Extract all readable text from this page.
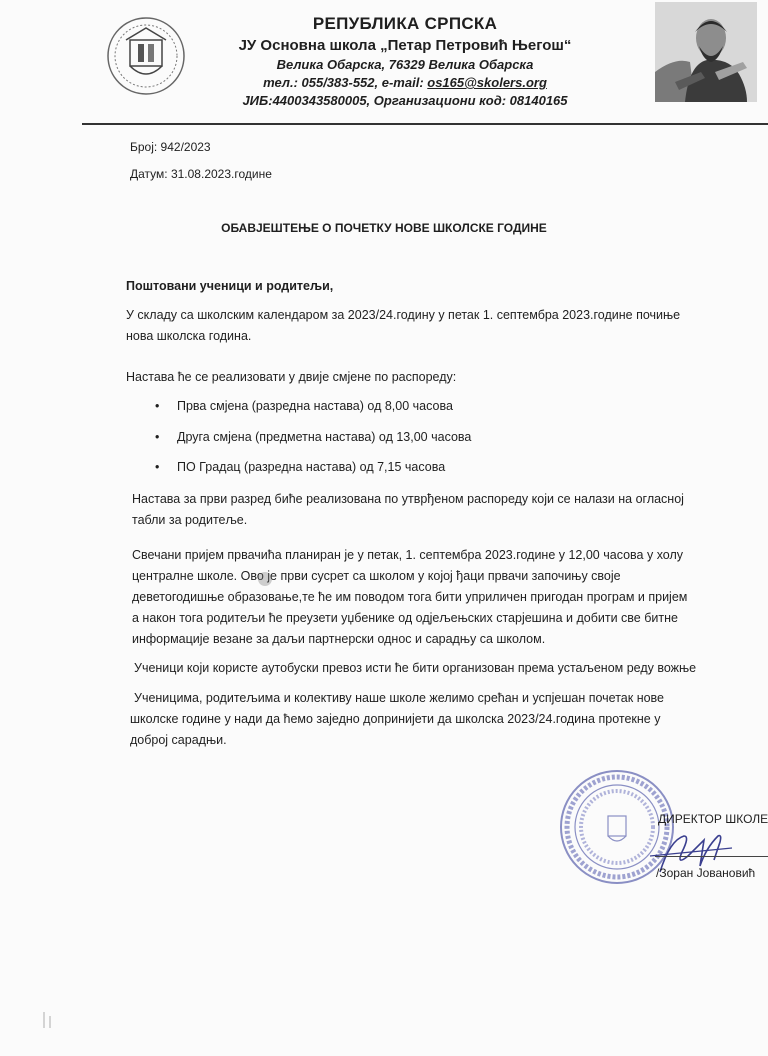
РЕПУБЛИКА СРПСКА
ЈУ Основна школа „Петар Петровић Његош“
Велика Обарска, 76329 Велика Обарска
тел.: 055/383-552, e-mail: os165@skolers.org
ЈИБ:4400343580005, Организациони код: 08140165
Број: 942/2023
Датум: 31.08.2023.године
ОБАВЈЕШТЕЊЕ О ПОЧЕТКУ НОВЕ ШКОЛСКЕ ГОДИНЕ
Поштовани ученици и родитељи,
У складу са школским календаром за 2023/24.годину у петак 1. септембра 2023.године почиње
нова школска година.
Настава ће се реализовати у двије смјене по распореду:
• Прва смјена (разредна настава) од 8,00 часова
• Друга смјена (предметна настава) од 13,00 часова
• ПО Градац (разредна настава) од 7,15 часова
Настава за први разред биће реализована по утврђеном распореду који се налази на огласној
табли за родитеље.
Свечани пријем првачића планиран је у петак, 1. септембра 2023.године у 12,00 часова у холу
централне школе. Ово је први сусрет са школом у којој ђаци првачи започињу своје
деветогодишње образовање,те ће им поводом тога бити уприличен пригодан програм и пријем
а након тога родитељи ће преузети уџбенике од одјељењских старјешина и добити све битне
информације везане за даљи партнерски однос и сарадњу са школом.
Ученици који користе аутобуски превоз исти ће бити организован према устаљеном реду вожње
Ученицима, родитељима и колективу наше школе желимо срећан и успјешан почетак нове
школске године у нади да ћемо заједно допринијети да школска 2023/24.година протекне у
доброј сарадњи.
ДИРЕКТОР ШКОЛЕ
/Зоран Јовановић
